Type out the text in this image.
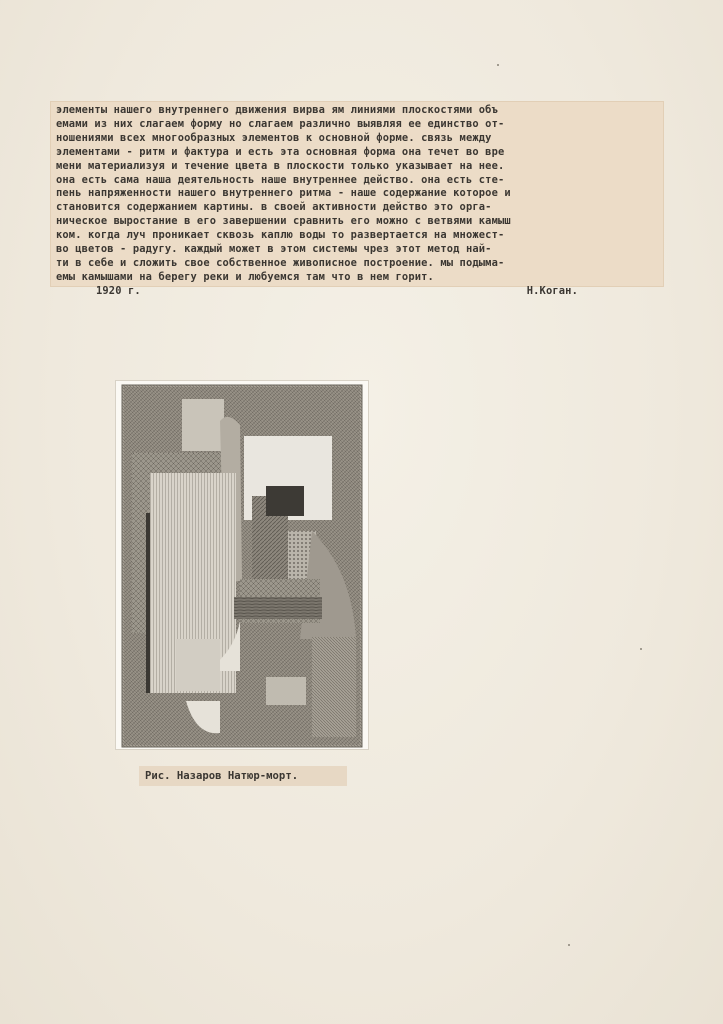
элементы нашего внутреннего движения вирва ям линиями плоскостями объ
емами из них слагаем форму но слагаем различно выявляя ее единство от-
ношениями всех многообразных элементов к основной форме. связь между
элементами - ритм и фактура и есть эта основная форма она течет во вре
мени материализуя и течение цвета в плоскости только указывает на нее.
она есть сама наша деятельность наше внутреннее действо. она есть сте-
пень напряженности нашего внутреннего ритма - наше содержание которое и
становится содержанием картины. в своей активности действо это орга-
ническое выростание в его завершении сравнить его можно с ветвями камыш
ком. когда луч проникает сквозь каплю воды то развертается на множест-
во цветов - радугу. каждый может в этом системы чрез этот метод най-
ти в себе и сложить свое собственное живописное построение. мы подыма-
емы камышами на берегу реки и любуемся там что в нем горит.
1920 г.	Н.Коган.
Рис. Назаров Натюр-морт.
